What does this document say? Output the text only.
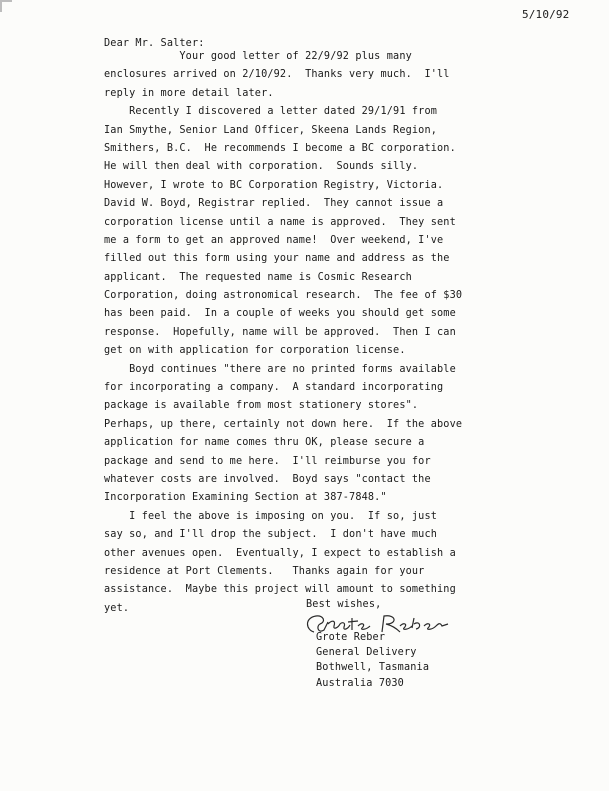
5/10/92
Dear Mr. Salter:
Your good letter of 22/9/92 plus many
enclosures arrived on 2/10/92.  Thanks very much.  I'll
reply in more detail later.
Recently I discovered a letter dated 29/1/91 from
Ian Smythe, Senior Land Officer, Skeena Lands Region,
Smithers, B.C.  He recommends I become a BC corporation.
He will then deal with corporation.  Sounds silly.
However, I wrote to BC Corporation Registry, Victoria.
David W. Boyd, Registrar replied.  They cannot issue a
corporation license until a name is approved.  They sent
me a form to get an approved name!  Over weekend, I've
filled out this form using your name and address as the
applicant.  The requested name is Cosmic Research
Corporation, doing astronomical research.  The fee of $30
has been paid.  In a couple of weeks you should get some
response.  Hopefully, name will be approved.  Then I can
get on with application for corporation license.
Boyd continues "there are no printed forms available
for incorporating a company.  A standard incorporating
package is available from most stationery stores".
Perhaps, up there, certainly not down here.  If the above
application for name comes thru OK, please secure a
package and send to me here.  I'll reimburse you for
whatever costs are involved.  Boyd says "contact the
Incorporation Examining Section at 387-7848."
I feel the above is imposing on you.  If so, just
say so, and I'll drop the subject.  I don't have much
other avenues open.  Eventually, I expect to establish a
residence at Port Clements.   Thanks again for your
assistance.  Maybe this project will amount to something
yet.	Best wishes,
Grote Reber
General Delivery
Bothwell, Tasmania
Australia 7030
